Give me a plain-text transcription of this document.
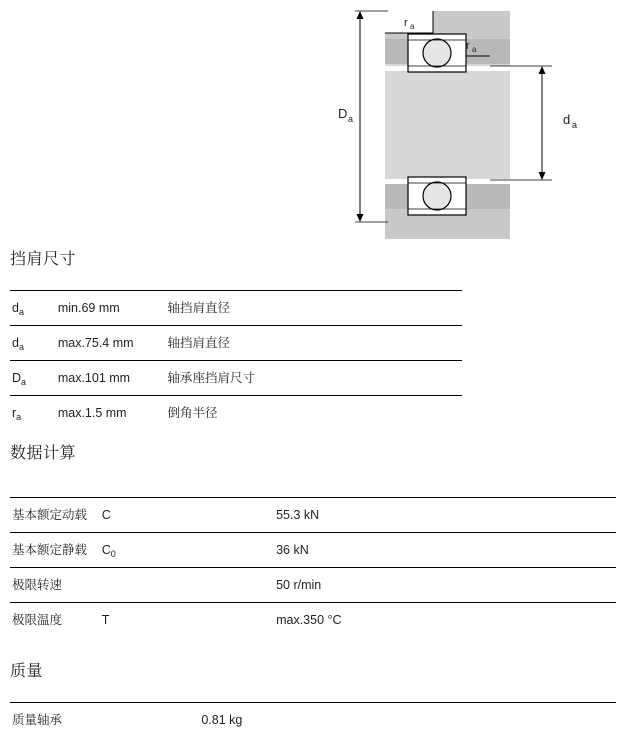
r a
r a
D a	d a
挡肩尺寸
$d_a$	min.69 mm	轴挡肩直径
$d_a$	max.75.4 mm	轴挡肩直径
$D_a$	max.101 mm	轴承座挡肩尺寸
$r_a$	max.1.5 mm	倒角半径
数据计算
基本额定动载	C	55.3 kN
基本额定静载	$C_0$	36 kN
极限转速		50 r/min
极限温度	T	max.350 °C
质量
质量轴承	0.81 kg
